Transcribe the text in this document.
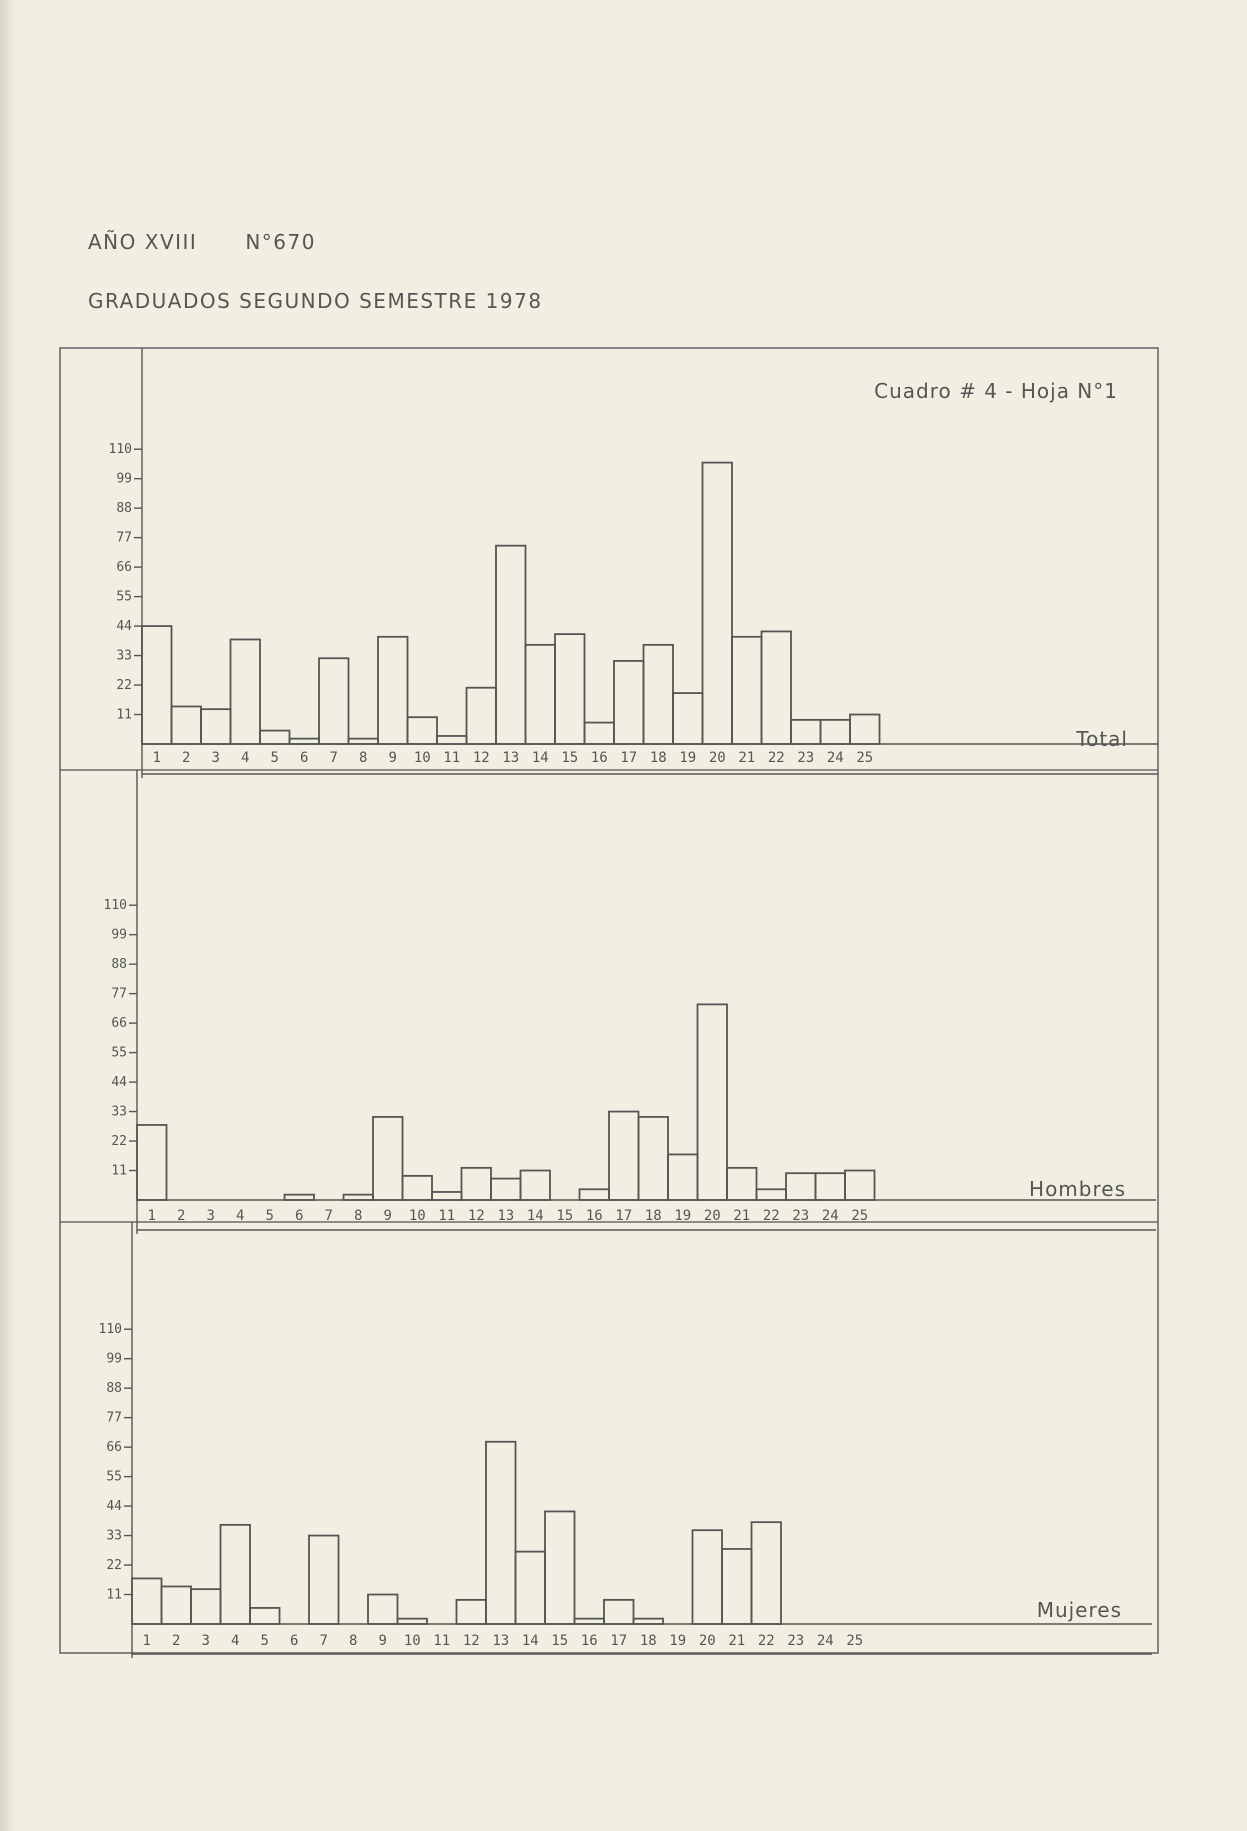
AÑO XVIII N°670
GRADUADOS SEGUNDO SEMESTRE 1978
Cuadro # 4 - Hoja N°1
11
22
33
44
55
66
77
88
99
110
1 2 3 4 5 6 7 8 9 10 11 12 13 14 15 16 17 18 19 20 21 22 23 24 25
Total
11
22
33
44
55
66
77
88
99
110
1 2 3 4 5 6 7 8 9 10 11 12 13 14 15 16 17 18 19 20 21 22 23 24 25
Hombres
11
22
33
44
55
66
77
88
99
110
1 2 3 4 5 6 7 8 9 10 11 12 13 14 15 16 17 18 19 20 21 22 23 24 25
Mujeres
